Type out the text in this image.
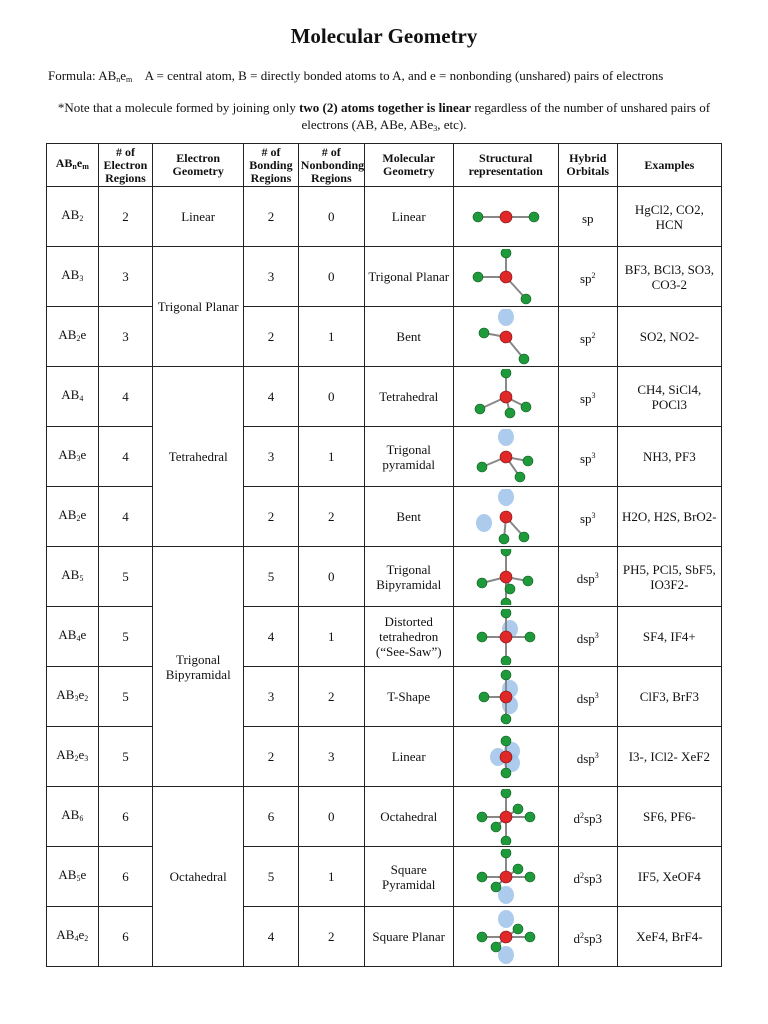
Molecular Geometry
Formula: $AB_ne_m$ A = central atom, B = directly bonded atoms to A, and e = nonbonding (unshared) pairs of electrons
*Note that a molecule formed by joining only two (2) atoms together is linear regardless of the number of unshared pairs of electrons (AB, ABe, ABe$_3$, etc).
$AB_ne_m$	# of Electron Regions	Electron Geometry	# of Bonding Regions	# of Nonbonding Regions	Molecular Geometry	Structural representation	Hybrid Orbitals	Examples
$AB_2$	2	Linear	2	0	Linear		sp	HgCl2, CO2, HCN
$AB_3$	3	Trigonal Planar	3	0	Trigonal Planar		$sp^2$	BF3, BCl3, SO3, CO3-2
$AB_2e$	3		2	1	Bent		$sp^2$	SO2, NO2-
$AB_4$	4	Tetrahedral	4	0	Tetrahedral		$sp^3$	CH4, SiCl4, POCl3
$AB_3e$	4		3	1	Trigonal pyramidal		$sp^3$	NH3, PF3
$AB_2e$	4		2	2	Bent		$sp^3$	H2O, H2S, BrO2-
$AB_5$	5	Trigonal Bipyramidal	5	0	Trigonal Bipyramidal		dsp$^3$	PH5, PCl5, SbF5, IO3F2-
$AB_4e$	5		4	1	Distorted tetrahedron (“See-Saw”)		dsp$^3$	SF4, IF4+
$AB_3e_2$	5		3	2	T-Shape		dsp$^3$	ClF3, BrF3
$AB_2e_3$	5		2	3	Linear		dsp$^3$	I3-, ICl2- XeF2
$AB_6$	6	Octahedral	6	0	Octahedral		$d^2sp3$	SF6, PF6-
$AB_5e$	6		5	1	Square Pyramidal		$d^2sp3$	IF5, XeOF4
$AB_4e_2$	6		4	2	Square Planar		$d^2sp3$	XeF4, BrF4-
